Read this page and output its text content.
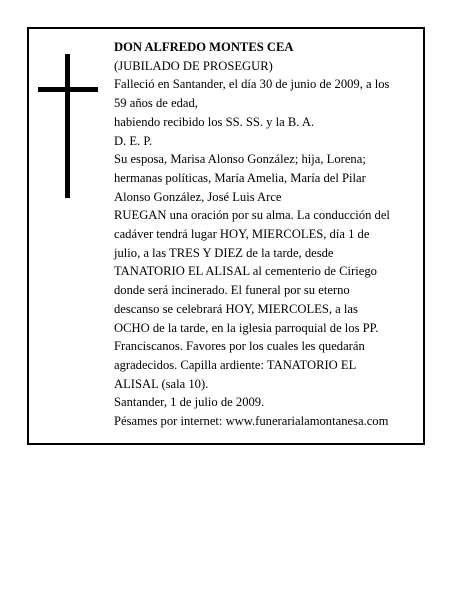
DON ALFREDO MONTES CEA
(JUBILADO DE PROSEGUR)
Falleció en Santander, el día 30 de junio de 2009, a los
59 años de edad,
habiendo recibido los SS. SS. y la B. A.
D. E. P.
Su esposa, Marisa Alonso González; hija, Lorena;
hermanas políticas, María Amelia, María del Pilar
Alonso González, José Luis Arce
RUEGAN una oración por su alma. La conducción del
cadáver tendrá lugar HOY, MIERCOLES, día 1 de
julio, a las TRES Y DIEZ de la tarde, desde
TANATORIO EL ALISAL al cementerio de Ciriego
donde será incinerado. El funeral por su eterno
descanso se celebrará HOY, MIERCOLES, a las
OCHO de la tarde, en la iglesia parroquial de los PP.
Franciscanos. Favores por los cuales les quedarán
agradecidos. Capilla ardiente: TANATORIO EL
ALISAL (sala 10).
Santander, 1 de julio de 2009.
Pésames por internet: www.funerarialamontanesa.com
